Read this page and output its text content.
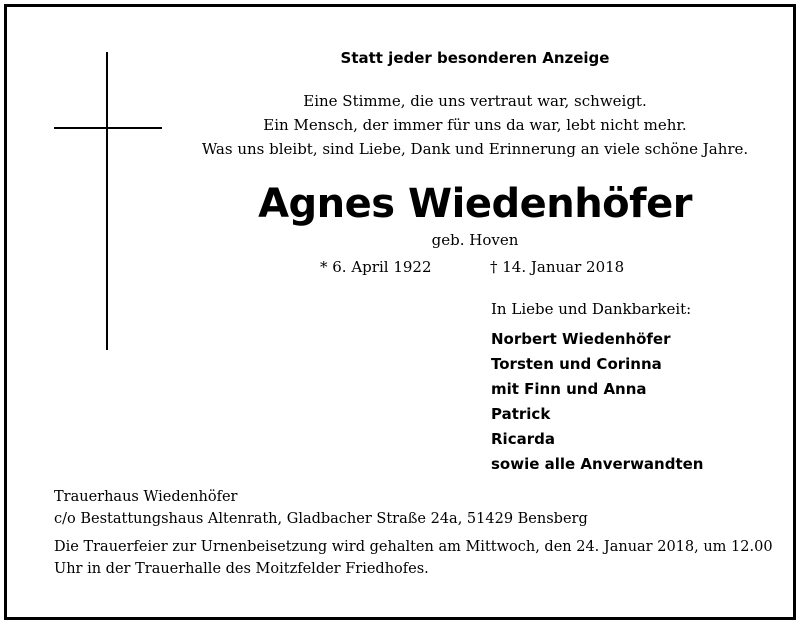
Statt jeder besonderen Anzeige
Eine Stimme, die uns vertraut war, schweigt.
Ein Mensch, der immer für uns da war, lebt nicht mehr.
Was uns bleibt, sind Liebe, Dank und Erinnerung an viele schöne Jahre.
Agnes Wiedenhöfer
geb. Hoven
* 6. April 1922	† 14. Januar 2018
In Liebe und Dankbarkeit:
Norbert Wiedenhöfer
Torsten und Corinna
mit Finn und Anna
Patrick
Ricarda
sowie alle Anverwandten
Trauerhaus Wiedenhöfer
c/o Bestattungshaus Altenrath, Gladbacher Straße 24a, 51429 Bensberg
Die Trauerfeier zur Urnenbeisetzung wird gehalten am Mittwoch, den 24. Januar 2018, um 12.00 Uhr in der Trauerhalle des Moitzfelder Friedhofes.
